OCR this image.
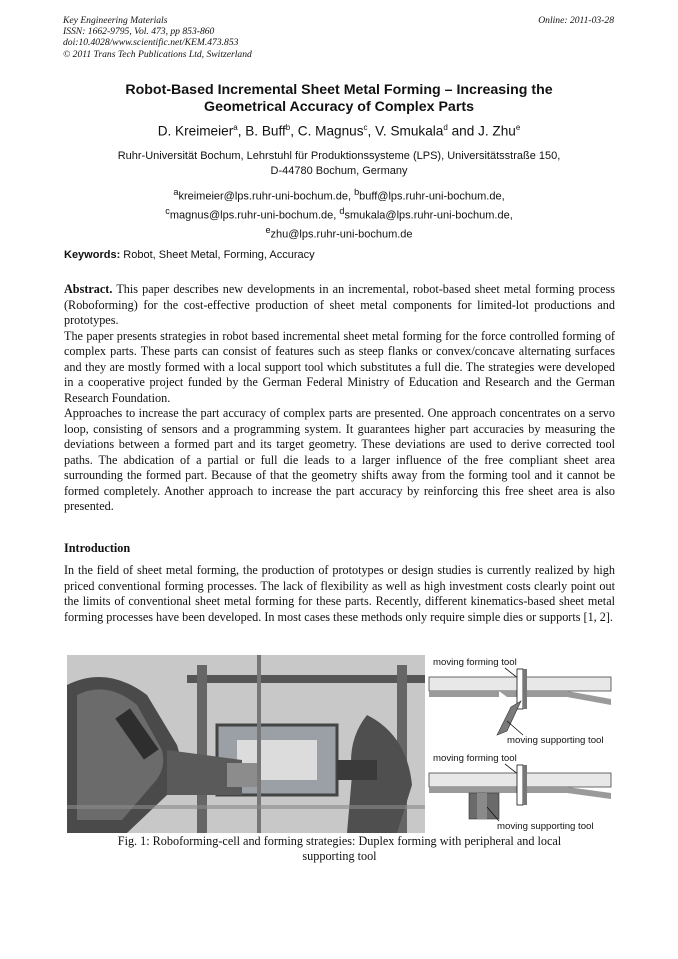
Key Engineering Materials
ISSN: 1662-9795, Vol. 473, pp 853-860
doi:10.4028/www.scientific.net/KEM.473.853
© 2011 Trans Tech Publications Ltd, Switzerland
Online: 2011-03-28
Robot-Based Incremental Sheet Metal Forming – Increasing the
Geometrical Accuracy of Complex Parts
D. Kreimeier$^a$, B. Buff$^b$, C. Magnus$^c$, V. Smukala$^d$ and J. Zhu$^e$
Ruhr-Universität Bochum, Lehrstuhl für Produktionssysteme (LPS), Universitätsstraße 150,
D-44780 Bochum, Germany
$^a$kreimeier@lps.ruhr-uni-bochum.de, $^b$buff@lps.ruhr-uni-bochum.de,
$^c$magnus@lps.ruhr-uni-bochum.de, $^d$smukala@lps.ruhr-uni-bochum.de,
$^e$zhu@lps.ruhr-uni-bochum.de
Keywords: Robot, Sheet Metal, Forming, Accuracy

Abstract. This paper describes new developments in an incremental, robot-based sheet metal forming process (Roboforming) for the cost-effective production of sheet metal components for limited-lot productions and prototypes.

The paper presents strategies in robot based incremental sheet metal forming for the force controlled forming of complex parts. These parts can consist of features such as steep flanks or convex/concave alternating surfaces and they are mostly formed with a local support tool which substitutes a full die. The strategies were developed in a cooperative project funded by the German Federal Ministry of Education and Research and the German Research Foundation.

Approaches to increase the part accuracy of complex parts are presented. One approach concentrates on a servo loop, consisting of sensors and a programming system. It guarantees higher part accuracies by measuring the deviations between a formed part and its target geometry. These deviations are used to derive corrected tool paths. The abdication of a partial or full die leads to a larger influence of the free compliant sheet area surrounding the formed part. Because of that the geometry shifts away from the forming tool and it cannot be formed completely. Another approach to increase the part accuracy by reinforcing this free sheet area is also presented.

Introduction

In the field of sheet metal forming, the production of prototypes or design studies is currently realized by high priced conventional forming processes. The lack of flexibility as well as high investment costs clearly point out the limits of conventional sheet metal forming for these parts. Recently, different kinematics-based sheet metal forming processes have been developed. In most cases these methods only require simple dies or supports [1, 2].

moving forming tool
moving supporting tool
moving forming tool
moving supporting tool
Fig. 1: Roboforming-cell and forming strategies: Duplex forming with peripheral and local
supporting tool
